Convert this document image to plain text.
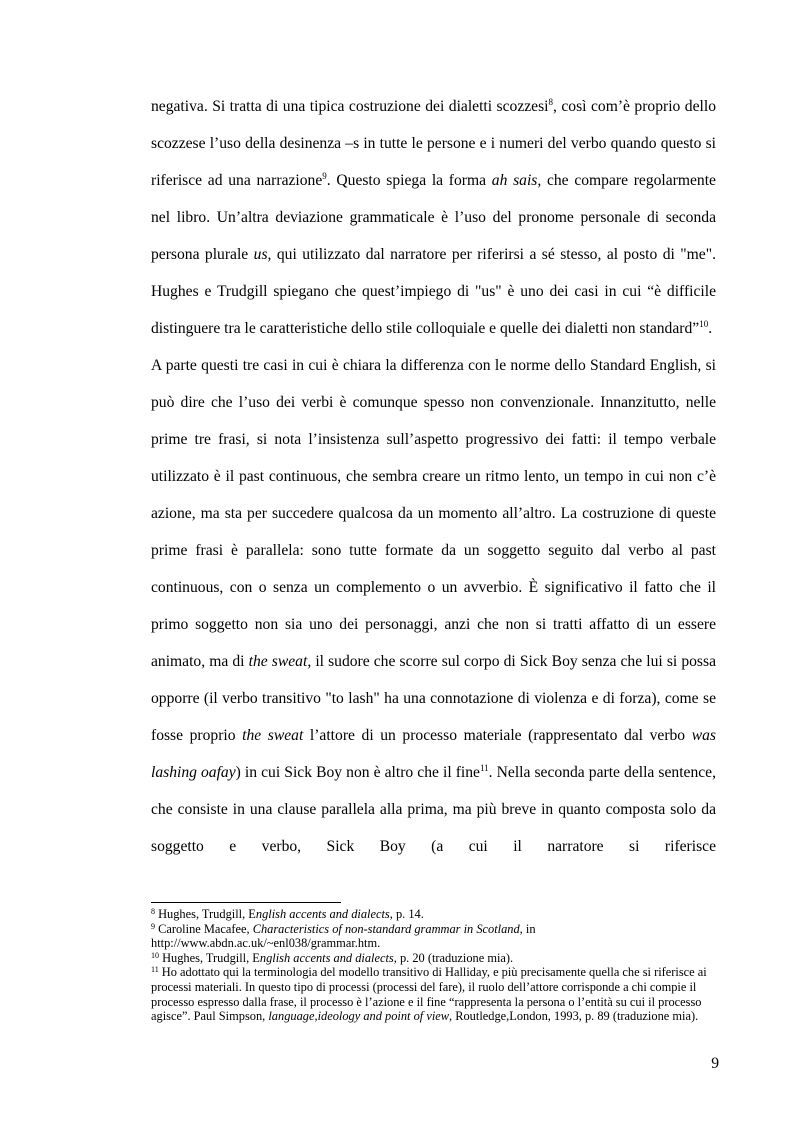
negativa. Si tratta di una tipica costruzione dei dialetti scozzesi$^8$, così com’è proprio dello scozzese l’uso della desinenza –s in tutte le persone e i numeri del verbo quando questo si riferisce ad una narrazione$^9$. Questo spiega la forma ah sais, che compare regolarmente nel libro. Un’altra deviazione grammaticale è l’uso del pronome personale di seconda persona plurale us, qui utilizzato dal narratore per riferirsi a sé stesso, al posto di "me". Hughes e Trudgill spiegano che quest’impiego di "us" è uno dei casi in cui “è difficile distinguere tra le caratteristiche dello stile colloquiale e quelle dei dialetti non standard”$^{10}$.

A parte questi tre casi in cui è chiara la differenza con le norme dello Standard English, si può dire che l’uso dei verbi è comunque spesso non convenzionale. Innanzitutto, nelle prime tre frasi, si nota l’insistenza sull’aspetto progressivo dei fatti: il tempo verbale utilizzato è il past continuous, che sembra creare un ritmo lento, un tempo in cui non c’è azione, ma sta per succedere qualcosa da un momento all’altro. La costruzione di queste prime frasi è parallela: sono tutte formate da un soggetto seguito dal verbo al past continuous, con o senza un complemento o un avverbio. È significativo il fatto che il primo soggetto non sia uno dei personaggi, anzi che non si tratti affatto di un essere animato, ma di the sweat, il sudore che scorre sul corpo di Sick Boy senza che lui si possa opporre (il verbo transitivo "to lash" ha una connotazione di violenza e di forza), come se fosse proprio the sweat l’attore di un processo materiale (rappresentato dal verbo was lashing oafay) in cui Sick Boy non è altro che il fine$^{11}$. Nella seconda parte della sentence, che consiste in una clause parallela alla prima, ma più breve in quanto composta solo da soggetto e verbo, Sick Boy (a cui il narratore si riferisce

$^8$ Hughes, Trudgill, English accents and dialects, p. 14.

$^9$ Caroline Macafee, Characteristics of non-standard grammar in Scotland, in http://www.abdn.ac.uk/~enl038/grammar.htm.

$^{10}$ Hughes, Trudgill, English accents and dialects, p. 20 (traduzione mia).

$^{11}$ Ho adottato qui la terminologia del modello transitivo di Halliday, e più precisamente quella che si riferisce ai processi materiali. In questo tipo di processi (processi del fare), il ruolo dell’attore corrisponde a chi compie il processo espresso dalla frase, il processo è l’azione e il fine “rappresenta la persona o l’entità su cui il processo agisce”. Paul Simpson, language,ideology and point of view, Routledge,London, 1993, p. 89 (traduzione mia).

9
